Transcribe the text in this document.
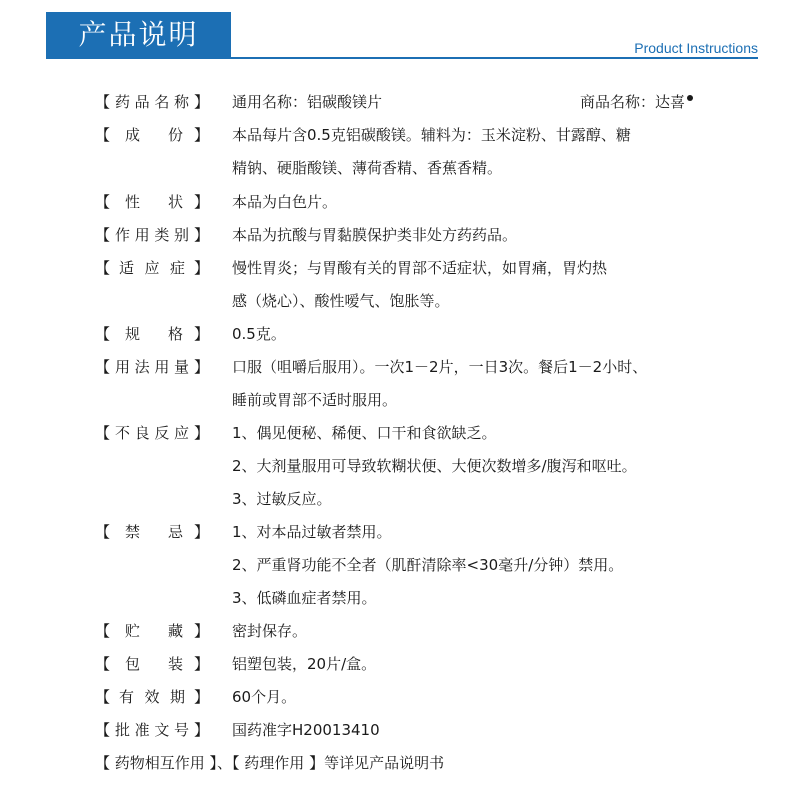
产品说明	Product Instructions
【 药 品 名 称 】 通用名称：铝碳酸镁片	商品名称：达喜
【 成 份 】 本品每片含0.5克铝碳酸镁。辅料为：玉米淀粉、甘露醇、糖
精钠、硬脂酸镁、薄荷香精、香蕉香精。
【 性 状 】 本品为白色片。
【 作 用 类 别 】 本品为抗酸与胃黏膜保护类非处方药药品。
【 适 应 症 】 慢性胃炎；与胃酸有关的胃部不适症状，如胃痛，胃灼热
感（烧心）、酸性嗳气、饱胀等。
【 规 格 】 0.5克。
【 用 法 用 量 】 口服（咀嚼后服用）。一次1－2片，一日3次。餐后1－2小时、
睡前或胃部不适时服用。
【 不 良 反 应 】 1、偶见便秘、稀便、口干和食欲缺乏。
2、大剂量服用可导致软糊状便、大便次数增多/腹泻和呕吐。
3、过敏反应。
【 禁 忌 】 1、对本品过敏者禁用。
2、严重肾功能不全者（肌酐清除率<30毫升/分钟）禁用。
3、低磷血症者禁用。
【 贮 藏 】 密封保存。
【 包 装 】 铝塑包装，20片/盒。
【 有 效 期 】 60个月。
【 批 准 文 号 】 国药准字H20013410
【 药物相互作用 】、【 药理作用 】等详见产品说明书
